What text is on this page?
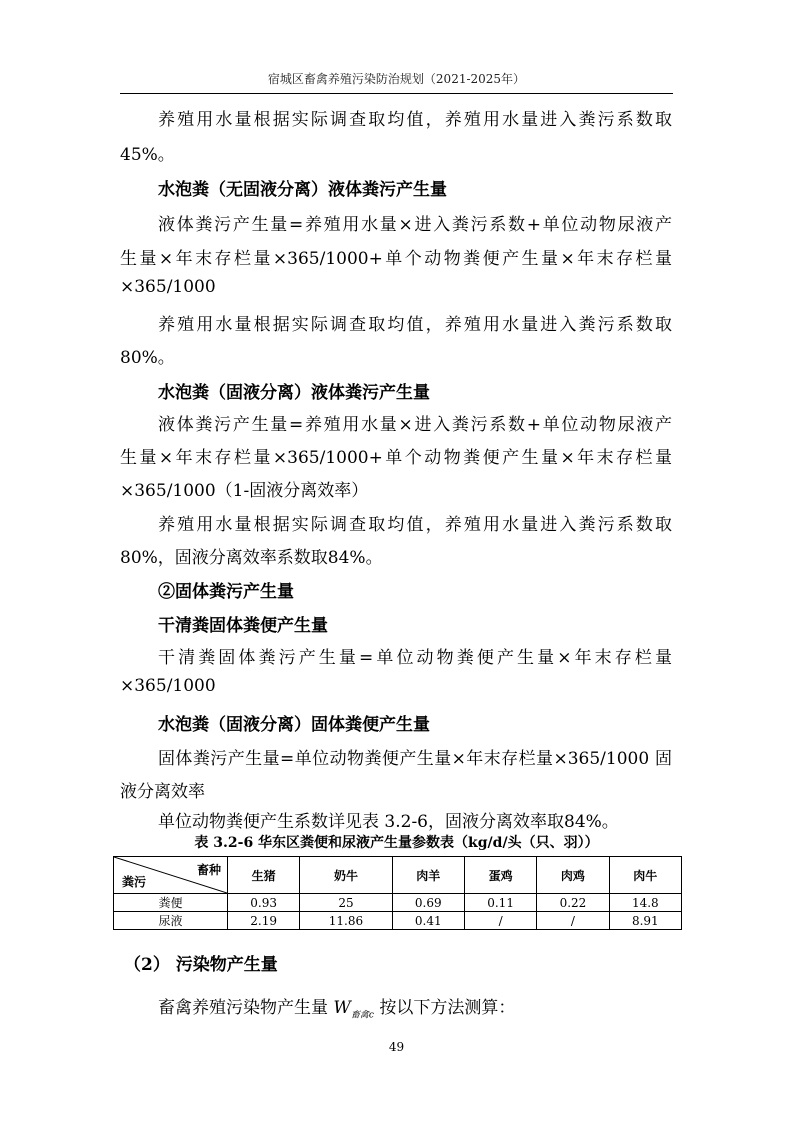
宿城区畜禽养殖污染防治规划（2021-2025年）
养殖用水量根据实际调查取均值，养殖用水量进入粪污系数取
45%。
水泡粪（无固液分离）液体粪污产生量
液体粪污产生量=养殖用水量×进入粪污系数+单位动物尿液产
生量×年末存栏量×365/1000+单个动物粪便产生量×年末存栏量
×365/1000
养殖用水量根据实际调查取均值，养殖用水量进入粪污系数取
80%。
水泡粪（固液分离）液体粪污产生量
液体粪污产生量=养殖用水量×进入粪污系数+单位动物尿液产
生量×年末存栏量×365/1000+单个动物粪便产生量×年末存栏量
×365/1000（1-固液分离效率）
养殖用水量根据实际调查取均值，养殖用水量进入粪污系数取
80%，固液分离效率系数取84%。
②固体粪污产生量
干清粪固体粪便产生量
干清粪固体粪污产生量=单位动物粪便产生量×年末存栏量
×365/1000
水泡粪（固液分离）固体粪便产生量
固体粪污产生量=单位动物粪便产生量×年末存栏量×365/1000 固
液分离效率
单位动物粪便产生系数详见表 3.2-6，固液分离效率取84%。
表 3.2-6 华东区粪便和尿液产生量参数表（kg/d/头（只、羽））
畜种
粪污	生猪	奶牛	肉羊	蛋鸡	肉鸡	肉牛
粪便	0.93	25	0.69	0.11	0.22	14.8
尿液	2.19	11.86	0.41	/	/	8.91
（2） 污染物产生量
畜禽养殖污染物产生量 $W_{畜禽c}$ 按以下方法测算：
49
